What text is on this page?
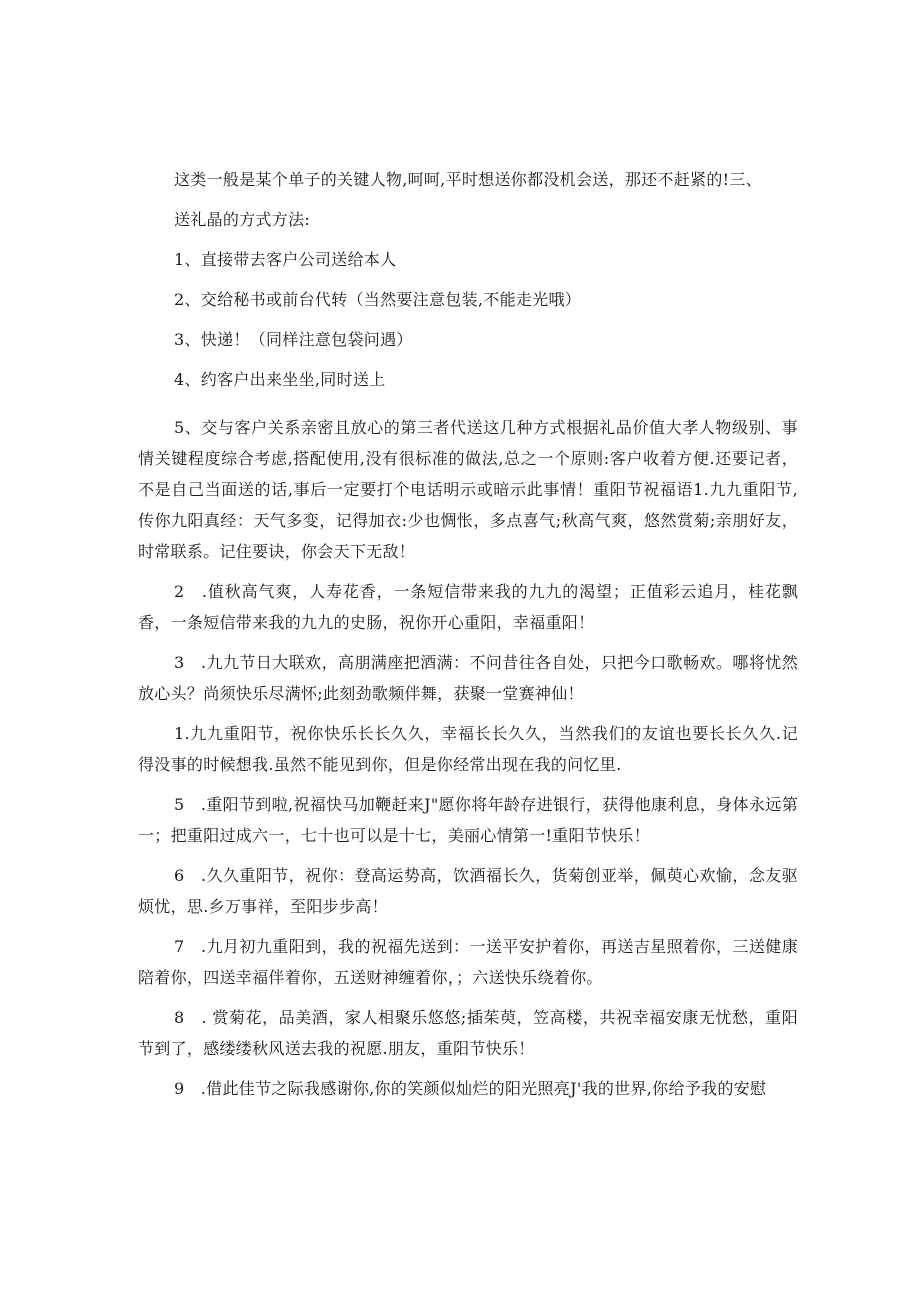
这类一般是某个单子的关键人物,呵呵,平时想送你都没机会送，那还不赶紧的!三、

送礼晶的方式方法:

1、直接带去客户公司送给本人

2、交给秘书或前台代转（当然要注意包装,不能走光哦）

3、快递！（同样注意包袋问遇）

4、约客户出来坐坐,同时送上

5、交与客户关系亲密且放心的第三者代送这几种方式根据礼品价值大孝人物级别、事情关键程度综合考虑,搭配使用,没有很标准的做法,总之一个原则:客户收着方便.还要记者，不是自己当面送的话,事后一定要打个电话明示或暗示此事情！重阳节祝福语1.九九重阳节,传你九阳真经：天气多变，记得加衣:少也惆怅，多点喜气;秋高气爽，悠然赏菊;亲朋好友，时常联系。记住要诀，你会天下无敌！

2　.值秋高气爽，人寿花香，一条短信带来我的九九的渴望；正值彩云追月，桂花飘香，一条短信带来我的九九的史肠，祝你开心重阳，幸福重阳！

3　.九九节日大联欢，高朋满座把酒满：不问昔往各自处，只把今口歌畅欢。哪将忧然放心头？尚须快乐尽满怀;此刻劲歌频伴舞，获聚一堂赛神仙！

1.九九重阳节，祝你快乐长长久久，幸福长长久久，当然我们的友谊也要长长久久.记得没事的时候想我.虽然不能见到你，但是你经常出现在我的问忆里.

5　.重阳节到啦,祝福快马加鞭赶来J"愿你将年龄存进银行，获得他康利息，身体永远第一；把重阳过成六一，七十也可以是十七，美丽心情第一!重阳节快乐！

6　.久久重阳节，祝你：登高运势高，饮酒福长久，货菊创亚举，佩萸心欢愉，念友驱烦忧，思.乡万事祥，至阳步步高！

7　.九月初九重阳到，我的祝福先送到：一送平安护着你，再送吉星照着你，三送健康陪着你，四送幸福伴着你，五送财神缠着你，；六送快乐绕着你。

8　. 赏菊花，品美酒，家人相聚乐悠悠;插茱萸，笠高楼，共祝幸福安康无忧愁，重阳节到了，感缕缕秋风送去我的祝愿.朋友，重阳节快乐！

9　.借此佳节之际我感谢你,你的笑颜似灿烂的阳光照亮J'我的世界,你给予我的安慰
